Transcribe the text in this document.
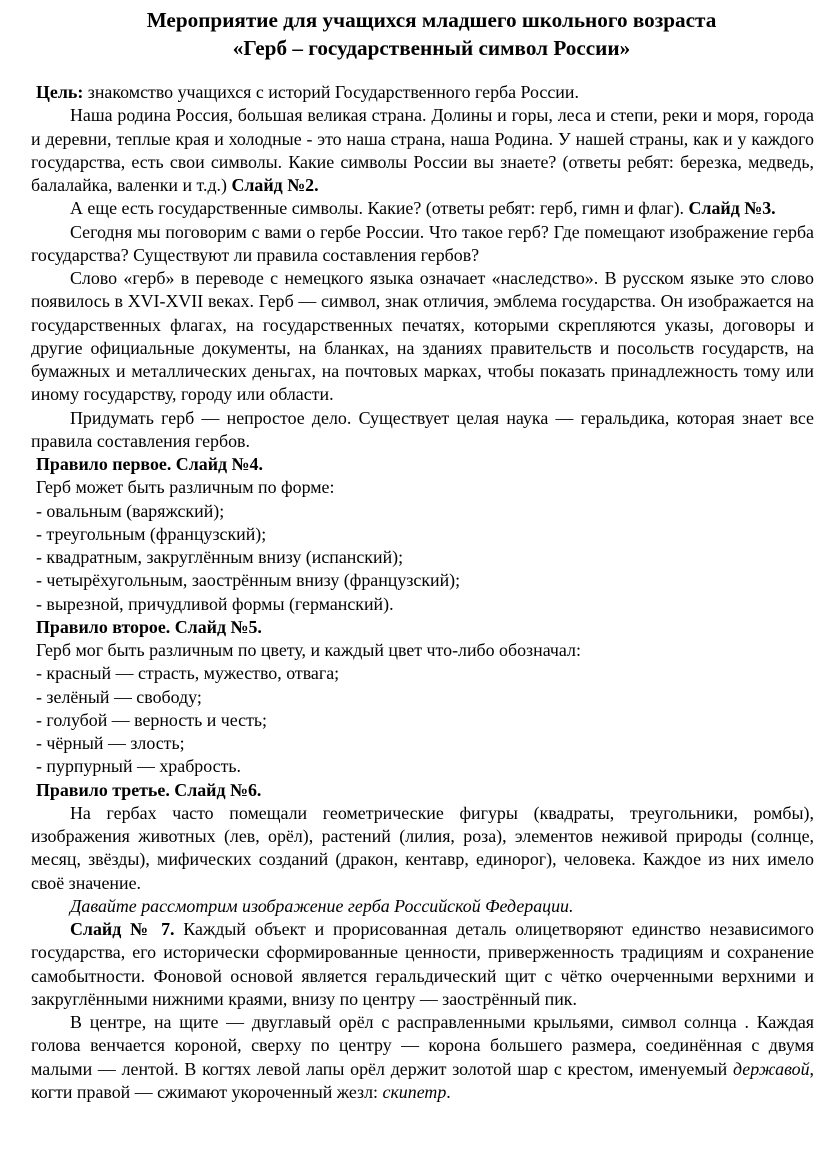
Мероприятие для учащихся младшего школьного возраста
«Герб – государственный символ России»

Цель: знакомство учащихся с историй Государственного герба России.

Наша родина Россия, большая великая страна. Долины и горы, леса и степи, реки и моря, города и деревни, теплые края и холодные - это наша страна, наша Родина. У нашей страны, как и у каждого государства, есть свои символы. Какие символы России вы знаете? (ответы ребят: березка, медведь, балалайка, валенки и т.д.) Слайд №2.

А еще есть государственные символы. Какие? (ответы ребят: герб, гимн и флаг). Слайд №3.

Сегодня мы поговорим с вами о гербе России. Что такое герб? Где помещают изображение герба государства? Существуют ли правила составления гербов?

Слово «герб» в переводе с немецкого языка означает «наследство». В русском языке это слово появилось в XVI-XVII веках. Герб — символ, знак отличия, эмблема государства. Он изображается на государственных флагах, на государственных печатях, которыми скрепляются указы, договоры и другие официальные документы, на бланках, на зданиях правительств и посольств государств, на бумажных и металлических деньгах, на почтовых марках, чтобы показать принадлежность тому или иному государству, городу или области.

Придумать герб — непростое дело. Существует целая наука — геральдика, которая знает все правила составления гербов.

Правило первое. Слайд №4.

Герб может быть различным по форме:

- овальным (варяжский);

- треугольным (французский);

- квадратным, закруглённым внизу (испанский);

- четырёхугольным, заострённым внизу (французский);

- вырезной, причудливой формы (германский).

Правило второе. Слайд №5.

Герб мог быть различным по цвету, и каждый цвет что-либо обозначал:

- красный — страсть, мужество, отвага;

- зелёный — свободу;

- голубой — верность и честь;

- чёрный — злость;

- пурпурный — храбрость.

Правило третье. Слайд №6.

На гербах часто помещали геометрические фигуры (квадраты, треугольники, ромбы), изображения животных (лев, орёл), растений (лилия, роза), элементов неживой природы (солнце, месяц, звёзды), мифических созданий (дракон, кентавр, единорог), человека. Каждое из них имело своё значение.

Давайте рассмотрим изображение герба Российской Федерации.

Слайд № 7. Каждый объект и прорисованная деталь олицетворяют единство независимого государства, его исторически сформированные ценности, приверженность традициям и сохранение самобытности. Фоновой основой является геральдический щит с чётко очерченными верхними и закруглёнными нижними краями, внизу по центру — заострённый пик.

В центре, на щите — двуглавый орёл с расправленными крыльями, символ солнца . Каждая голова венчается короной, сверху по центру — корона большего размера, соединённая с двумя малыми — лентой. В когтях левой лапы орёл держит золотой шар с крестом, именуемый державой, когти правой — сжимают укороченный жезл: скипетр.
